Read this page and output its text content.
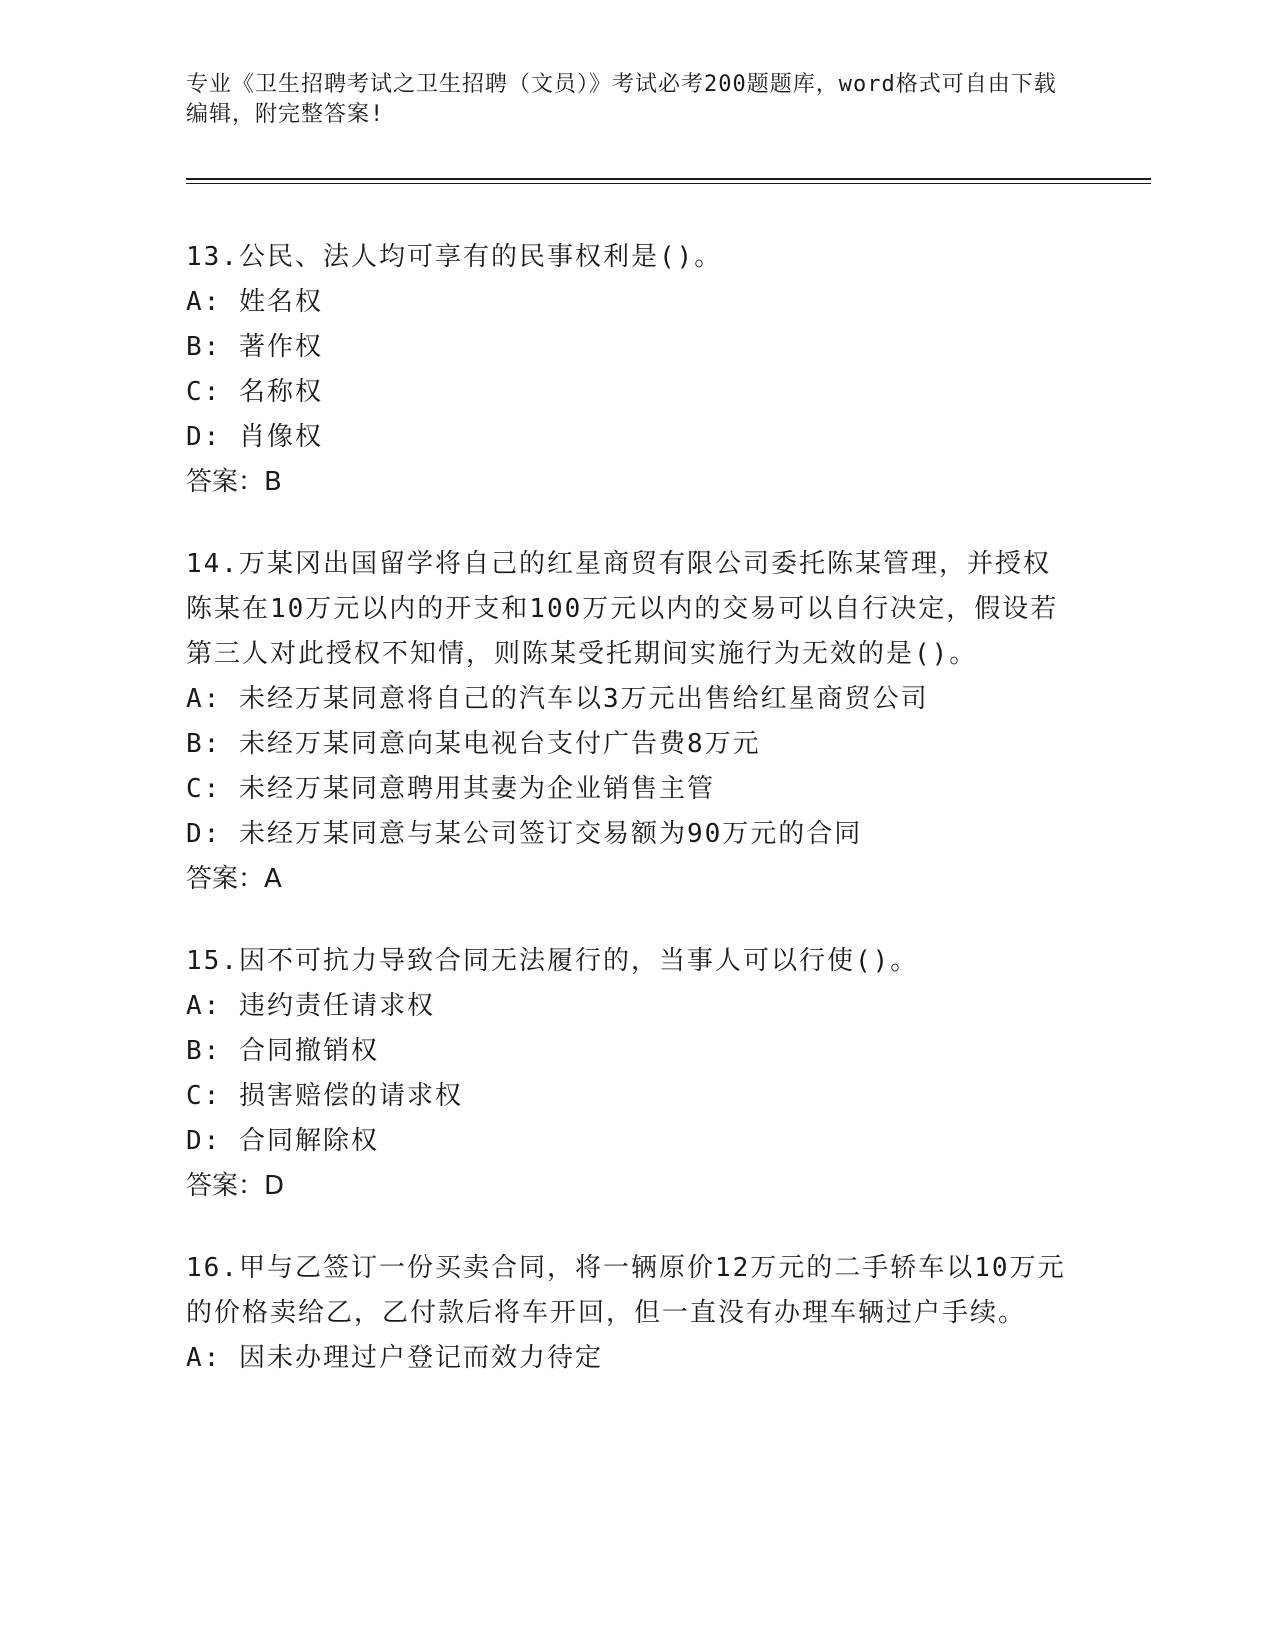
专业《卫生招聘考试之卫生招聘（文员）》考试必考200题题库，word格式可自由下载编辑，附完整答案!

13.公民、法人均可享有的民事权利是()。

A: 姓名权

B: 著作权

C: 名称权

D: 肖像权

答案：B

14.万某冈出国留学将自己的红星商贸有限公司委托陈某管理，并授权陈某在10万元以内的开支和100万元以内的交易可以自行决定，假设若第三人对此授权不知情，则陈某受托期间实施行为无效的是()。

A: 未经万某同意将自己的汽车以3万元出售给红星商贸公司

B: 未经万某同意向某电视台支付广告费8万元

C: 未经万某同意聘用其妻为企业销售主管

D: 未经万某同意与某公司签订交易额为90万元的合同

答案：A

15.因不可抗力导致合同无法履行的，当事人可以行使()。

A: 违约责任请求权

B: 合同撤销权

C: 损害赔偿的请求权

D: 合同解除权

答案：D

16.甲与乙签订一份买卖合同，将一辆原价12万元的二手轿车以10万元的价格卖给乙，乙付款后将车开回，但一直没有办理车辆过户手续。

A: 因未办理过户登记而效力待定
